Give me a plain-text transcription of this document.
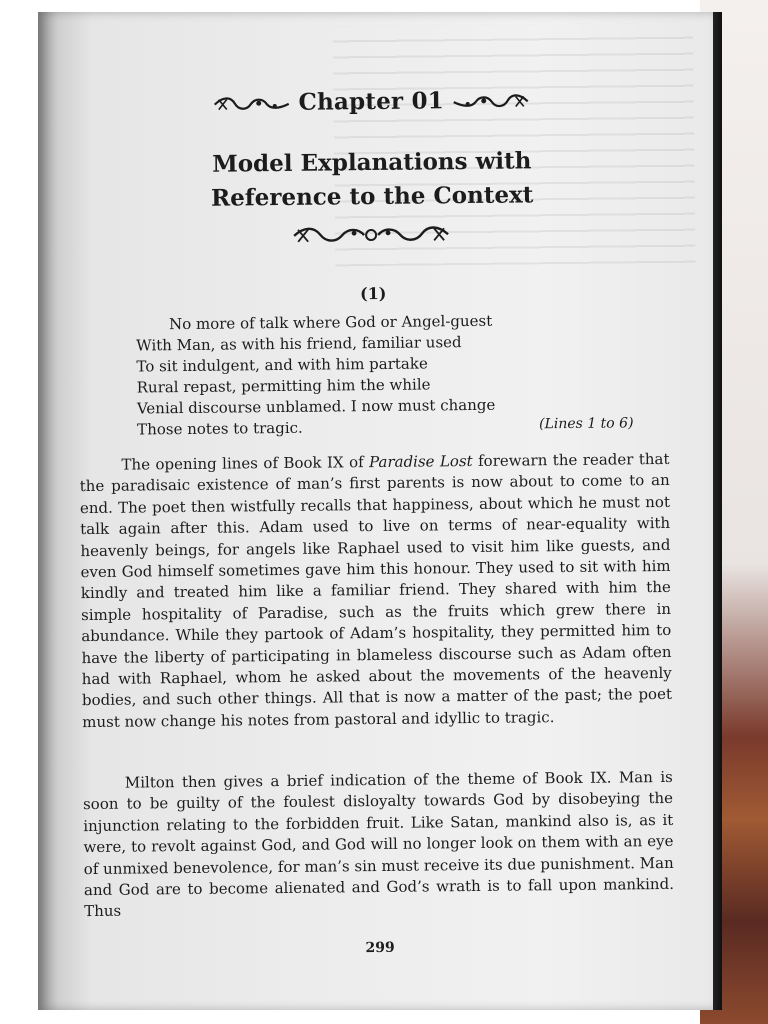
Chapter 01
Model Explanations with
Reference to the Context
(1)
No more of talk where God or Angel-guest
With Man, as with his friend, familiar used
To sit indulgent, and with him partake
Rural repast, permitting him the while
Venial discourse unblamed. I now must change
Those notes to tragic.	(Lines 1 to 6)

The opening lines of Book IX of Paradise Lost forewarn the reader that the paradisaic existence of man’s first parents is now about to come to an end. The poet then wistfully recalls that happiness, about which he must not talk again after this. Adam used to live on terms of near-equality with heavenly beings, for angels like Raphael used to visit him like guests, and even God himself sometimes gave him this honour. They used to sit with him kindly and treated him like a familiar friend. They shared with him the simple hospitality of Paradise, such as the fruits which grew there in abundance. While they partook of Adam’s hospitality, they permitted him to have the liberty of participating in blameless discourse such as Adam often had with Raphael, whom he asked about the movements of the heavenly bodies, and such other things. All that is now a matter of the past; the poet must now change his notes from pastoral and idyllic to tragic.

Milton then gives a brief indication of the theme of Book IX. Man is soon to be guilty of the foulest disloyalty towards God by disobeying the injunction relating to the forbidden fruit. Like Satan, mankind also is, as it were, to revolt against God, and God will no longer look on them with an eye of unmixed benevolence, for man’s sin must receive its due punishment. Man and God are to become alienated and God’s wrath is to fall upon mankind. Thus

299
